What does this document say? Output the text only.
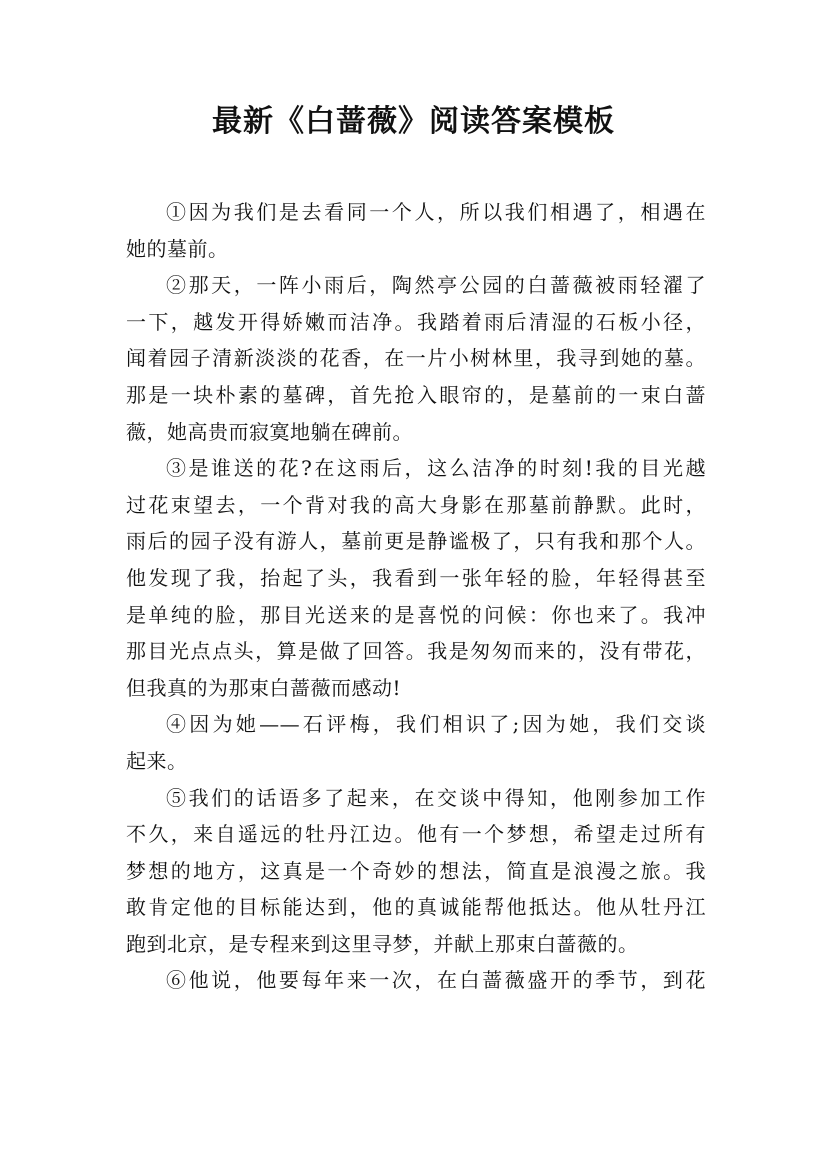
最新《白蔷薇》阅读答案模板
①因为我们是去看同一个人，所以我们相遇了，相遇在
她的墓前。
②那天，一阵小雨后，陶然亭公园的白蔷薇被雨轻濯了
一下，越发开得娇嫩而洁净。我踏着雨后清湿的石板小径，
闻着园子清新淡淡的花香，在一片小树林里，我寻到她的墓。
那是一块朴素的墓碑，首先抢入眼帘的，是墓前的一束白蔷
薇，她高贵而寂寞地躺在碑前。
③是谁送的花?在这雨后，这么洁净的时刻!我的目光越
过花束望去，一个背对我的高大身影在那墓前静默。此时，
雨后的园子没有游人，墓前更是静谧极了，只有我和那个人。
他发现了我，抬起了头，我看到一张年轻的脸，年轻得甚至
是单纯的脸，那目光送来的是喜悦的问候：你也来了。我冲
那目光点点头，算是做了回答。我是匆匆而来的，没有带花，
但我真的为那束白蔷薇而感动!
④因为她——石评梅，我们相识了;因为她，我们交谈
起来。
⑤我们的话语多了起来，在交谈中得知，他刚参加工作
不久，来自遥远的牡丹江边。他有一个梦想，希望走过所有
梦想的地方，这真是一个奇妙的想法，简直是浪漫之旅。我
敢肯定他的目标能达到，他的真诚能帮他抵达。他从牡丹江
跑到北京，是专程来到这里寻梦，并献上那束白蔷薇的。
⑥他说，他要每年来一次，在白蔷薇盛开的季节，到花
